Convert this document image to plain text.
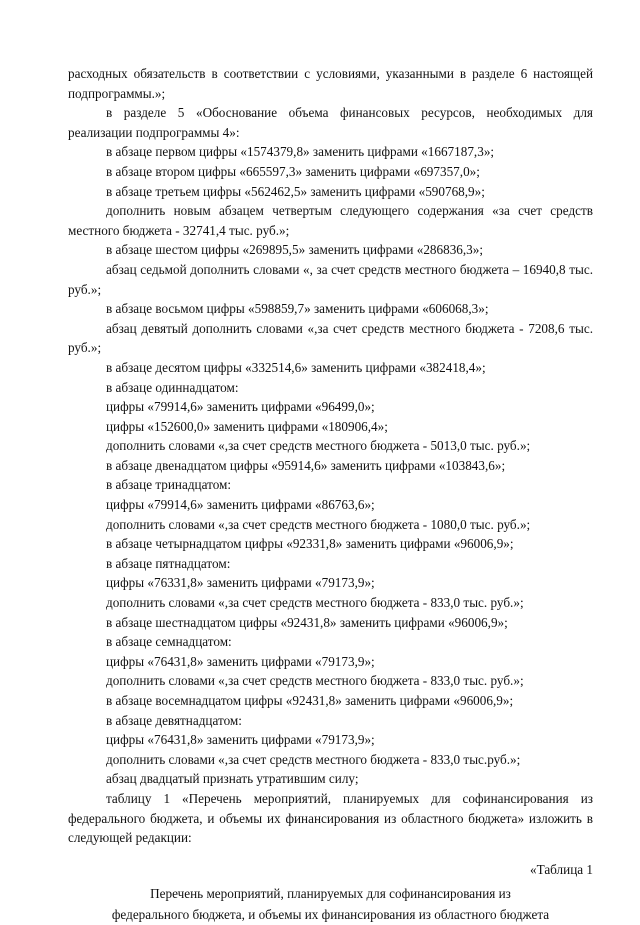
расходных обязательств в соответствии с условиями, указанными в разделе 6 настоящей подпрограммы.»;

в разделе 5 «Обоснование объема финансовых ресурсов, необходимых для реализации подпрограммы 4»:

в абзаце первом цифры «1574379,8» заменить цифрами «1667187,3»;

в абзаце втором цифры «665597,3» заменить цифрами «697357,0»;

в абзаце третьем цифры «562462,5» заменить цифрами «590768,9»;

дополнить новым абзацем четвертым следующего содержания «за счет средств местного бюджета - 32741,4 тыс. руб.»;

в абзаце шестом цифры «269895,5» заменить цифрами «286836,3»;

абзац седьмой дополнить словами «, за счет средств местного бюджета – 16940,8 тыс. руб.»;

в абзаце восьмом цифры «598859,7» заменить цифрами «606068,3»;

абзац девятый дополнить словами «,за счет средств местного бюджета - 7208,6 тыс. руб.»;

в абзаце десятом цифры «332514,6» заменить цифрами «382418,4»;

в абзаце одиннадцатом:

цифры «79914,6» заменить цифрами «96499,0»;

цифры «152600,0» заменить цифрами «180906,4»;

дополнить словами «,за счет средств местного бюджета - 5013,0 тыс. руб.»;

в абзаце двенадцатом цифры «95914,6» заменить цифрами «103843,6»;

в абзаце тринадцатом:

цифры «79914,6» заменить цифрами «86763,6»;

дополнить словами «,за счет средств местного бюджета - 1080,0 тыс. руб.»;

в абзаце четырнадцатом цифры «92331,8» заменить цифрами «96006,9»;

в абзаце пятнадцатом:

цифры «76331,8» заменить цифрами «79173,9»;

дополнить словами «,за счет средств местного бюджета - 833,0 тыс. руб.»;

в абзаце шестнадцатом цифры «92431,8» заменить цифрами «96006,9»;

в абзаце семнадцатом:

цифры «76431,8» заменить цифрами «79173,9»;

дополнить словами «,за счет средств местного бюджета - 833,0 тыс. руб.»;

в абзаце восемнадцатом цифры «92431,8» заменить цифрами «96006,9»;

в абзаце девятнадцатом:

цифры «76431,8» заменить цифрами «79173,9»;

дополнить словами «,за счет средств местного бюджета - 833,0 тыс.руб.»;

абзац двадцатый признать утратившим силу;

таблицу 1 «Перечень мероприятий, планируемых для софинансирования из федерального бюджета, и объемы их финансирования из областного бюджета» изложить в следующей редакции:

«Таблица 1

Перечень мероприятий, планируемых для софинансирования из

федерального бюджета, и объемы их финансирования из областного бюджета
